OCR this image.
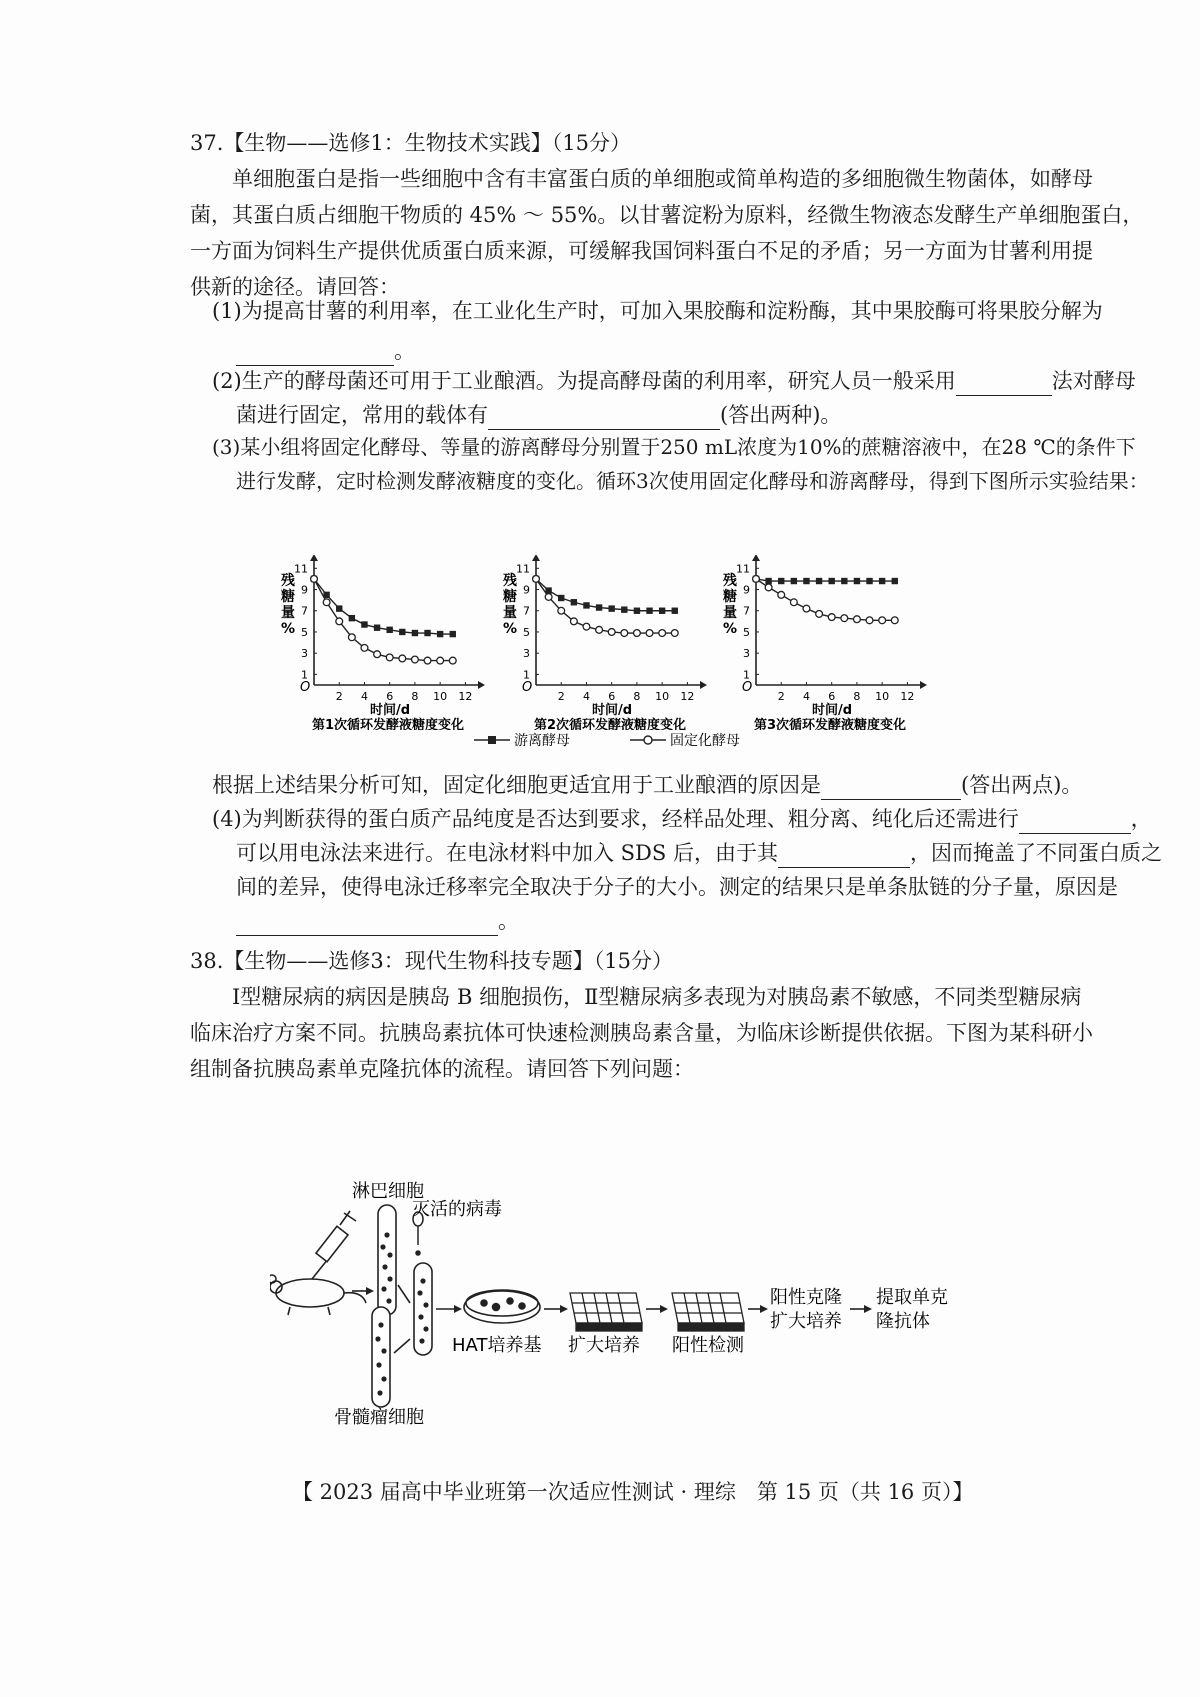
37.【生物——选修1：生物技术实践】（15分）
单细胞蛋白是指一些细胞中含有丰富蛋白质的单细胞或简单构造的多细胞微生物菌体，如酵母
菌，其蛋白质占细胞干物质的 45% ～ 55%。以甘薯淀粉为原料，经微生物液态发酵生产单细胞蛋白，
一方面为饲料生产提供优质蛋白质来源，可缓解我国饲料蛋白不足的矛盾；另一方面为甘薯利用提
供新的途径。请回答：
(1)为提高甘薯的利用率，在工业化生产时，可加入果胶酶和淀粉酶，其中果胶酶可将果胶分解为
。
(2)生产的酵母菌还可用于工业酿酒。为提高酵母菌的利用率，研究人员一般采用	法对酵母
菌进行固定，常用的载体有	(答出两种)。
(3)某小组将固定化酵母、等量的游离酵母分别置于250 mL浓度为10%的蔗糖溶液中，在28 ℃的条件下
进行发酵，定时检测发酵液糖度的变化。循环3次使用固定化酵母和游离酵母，得到下图所示实验结果：
O
2 4 6 8 10 12
1
3
5
7
9
11
残
糖
量
%
时间/d
第1次循环发酵液糖度变化
O
2 4 6 8 10 12
1
3
5
7
9
11
残
糖
量
%
时间/d
第2次循环发酵液糖度变化
O
2 4 6 8 10 12
1
3
5
7
9
11
残
糖
量
%
时间/d
第3次循环发酵液糖度变化
游离酵母	固定化酵母
根据上述结果分析可知，固定化细胞更适宜用于工业酿酒的原因是	(答出两点)。
(4)为判断获得的蛋白质产品纯度是否达到要求，经样品处理、粗分离、纯化后还需进行	，
可以用电泳法来进行。在电泳材料中加入 SDS 后，由于其	，因而掩盖了不同蛋白质之
间的差异，使得电泳迁移率完全取决于分子的大小。测定的结果只是单条肽链的分子量，原因是
。
38.【生物——选修3：现代生物科技专题】（15分）
Ⅰ型糖尿病的病因是胰岛 B 细胞损伤，Ⅱ型糖尿病多表现为对胰岛素不敏感，不同类型糖尿病
临床治疗方案不同。抗胰岛素抗体可快速检测胰岛素含量，为临床诊断提供依据。下图为某科研小
组制备抗胰岛素单克隆抗体的流程。请回答下列问题：
淋巴细胞
灭活的病毒
骨髓瘤细胞
HAT培养基 扩大培养 阳性检测
阳性克隆
扩大培养
提取单克
隆抗体
【 2023 届高中毕业班第一次适应性测试 · 理综　第 15 页（共 16 页）】
